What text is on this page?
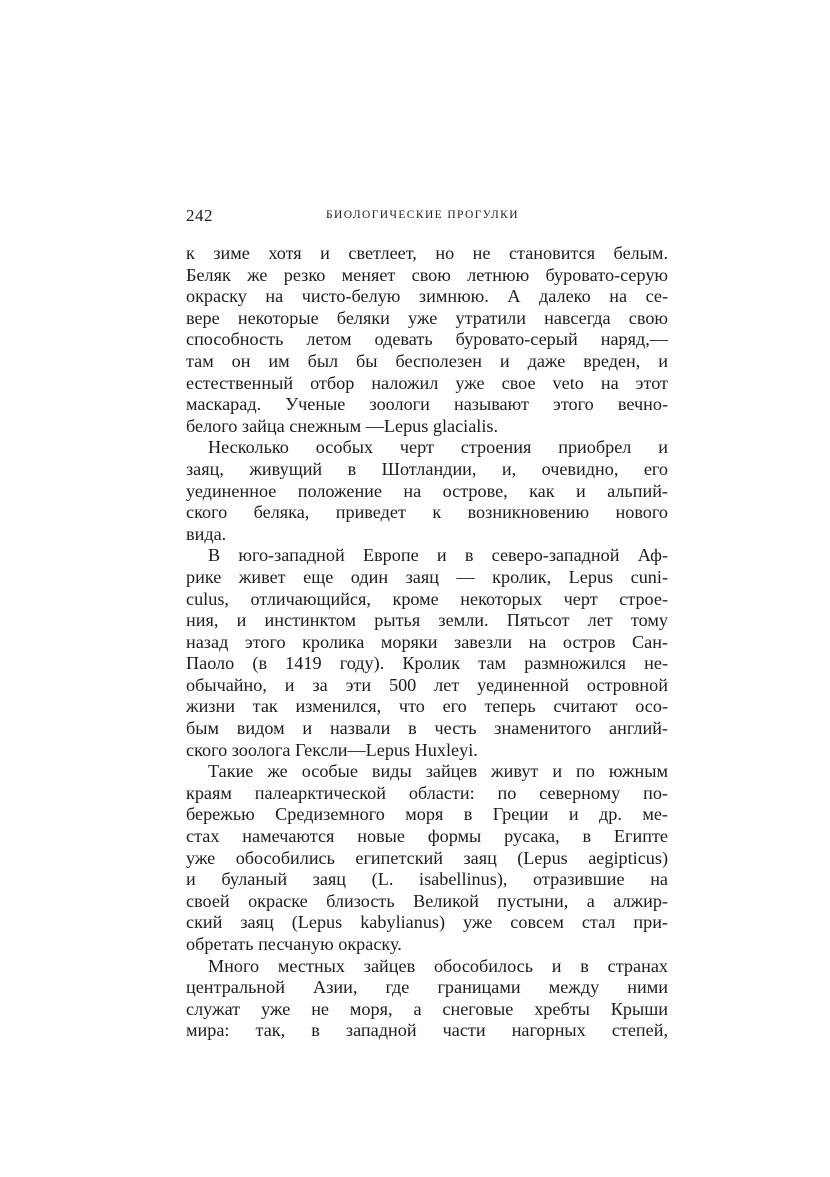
242	БИОЛОГИЧЕСКИЕ ПРОГУЛКИ
к зиме хотя и светлеет, но не становится белым.
Беляк же резко меняет свою летнюю буровато-серую
окраску на чисто-белую зимнюю. А далеко на се-
вере некоторые беляки уже утратили навсегда свою
способность летом одевать буровато-серый наряд,—
там он им был бы бесполезен и даже вреден, и
естественный отбор наложил уже свое veto на этот
маскарад. Ученые зоологи называют этого вечно-
белого зайца снежным —Lepus glacialis.
Несколько особых черт строения приобрел и
заяц, живущий в Шотландии, и, очевидно, его
уединенное положение на острове, как и альпий-
ского беляка, приведет к возникновению нового
вида.
В юго-западной Европе и в северо-западной Аф-
рике живет еще один заяц — кролик, Lepus cuni-
culus, отличающийся, кроме некоторых черт строе-
ния, и инстинктом рытья земли. Пятьсот лет тому
назад этого кролика моряки завезли на остров Сан-
Паоло (в 1419 году). Кролик там размножился не-
обычайно, и за эти 500 лет уединенной островной
жизни так изменился, что его теперь считают осо-
бым видом и назвали в честь знаменитого англий-
ского зоолога Гексли—Lepus Huxleyi.
Такие же особые виды зайцев живут и по южным
краям палеарктической области: по северному по-
бережью Средиземного моря в Греции и др. ме-
стах намечаются новые формы русака, в Египте
уже обособились египетский заяц (Lepus aegipticus)
и буланый заяц (L. isabellinus), отразившие на
своей окраске близость Великой пустыни, а алжир-
ский заяц (Lepus kabylianus) уже совсем стал при-
обретать песчаную окраску.
Много местных зайцев обособилось и в странах
центральной Азии, где границами между ними
служат уже не моря, а снеговые хребты Крыши
мира: так, в западной части нагорных степей,
